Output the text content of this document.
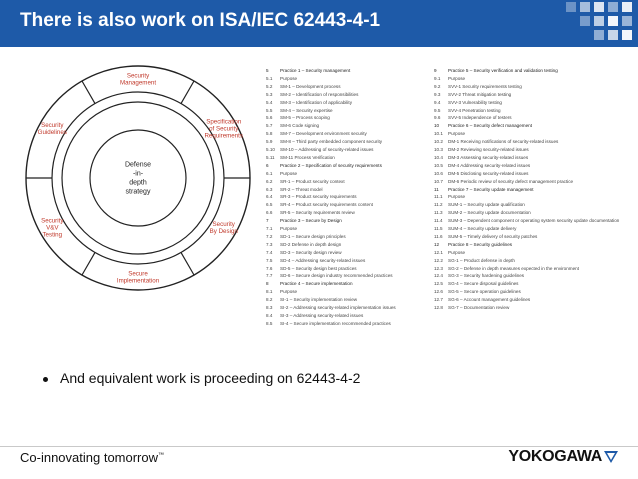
There is also work on ISA/IEC 62443-4-1
Security Management
Specification of Security Requirements
Security By Design
Secure Implementation
Security V&V Testing
Security Guidelines
Defense -in-depth strategy
5 Practice 1 – Security management
5.1 Purpose
5.2 SM-1 – Development process
5.3 SM-2 – Identification of responsibilities
5.4 SM-3 – Identification of applicability
5.5 SM-4 – Security expertise
5.6 SM-5 – Process scoping
5.7 SM-6 Code signing
5.8 SM-7 – Development environment security
5.9 SM-8 – Third party embedded component security
5.10 SM-10 – Addressing of security-related issues
5.11 SM-11 Process Verification
6 Practice 2 – Specification of security requirements
6.1 Purpose
6.2 SR-1 – Product security context
6.3 SR-2 – Threat model
6.4 SR-3 – Product security requirements
6.5 SR-4 – Product security requirements content
6.6 SR-5 – Security requirements review
7 Practice 3 – Secure by Design
7.1 Purpose
7.2 SD-1 – Secure design principles
7.3 SD-2 Defense in depth design
7.4 SD-3 – Security design review
7.5 SD-4 – Addressing security-related issues
7.6 SD-5 – Security design best practices
7.7 SD-6 – Secure design industry recommended practices
8 Practice 4 – Secure implementation
8.1 Purpose
8.2 SI-1 – Security implementation review
8.3 SI-2 – Addressing security-related implementation issues
8.4 SI-3 – Addressing security-related issues
8.5 SI-4 – Secure implementation recommended practices
9 Practice 5 – Security verification and validation testing
9.1 Purpose
9.2 SVV-1 Security requirements testing
9.3 SVV-2 Threat mitigation testing
9.4 SVV-3 Vulnerability testing
9.5 SVV-4 Penetration testing
9.6 SVV-5 Independence of testers
10 Practice 6 – Security defect management
10.1 Purpose
10.2 DM-1 Receiving notifications of security-related issues
10.3 DM-2 Reviewing security-related issues
10.4 DM-3 Assessing security-related issues
10.5 DM-4 Addressing security-related issues
10.6 DM-5 Disclosing security-related issues
10.7 DM-6 Periodic review of security defect management practice
11 Practice 7 – Security update management
11.1 Purpose
11.2 SUM-1 – Security update qualification
11.3 SUM-2 – Security update documentation
11.4 SUM-3 – Dependent component or operating system security update documentation
11.5 SUM-4 – Security update delivery
11.6 SUM-5 – Timely delivery of security patches
12 Practice 8 – Security guidelines
12.1 Purpose
12.2 SG-1 – Product defense in depth
12.3 SG-2 – Defense in depth measures expected in the environment
12.4 SG-3 – Security hardening guidelines
12.5 SG-4 – Secure disposal guidelines
12.6 SG-5 – Secure operation guidelines
12.7 SG-6 – Account management guidelines
12.8 SG-7 – Documentation review
And equivalent work is proceeding on 62443-4-2
Co-innovating tomorrow™	YOKOGAWA
